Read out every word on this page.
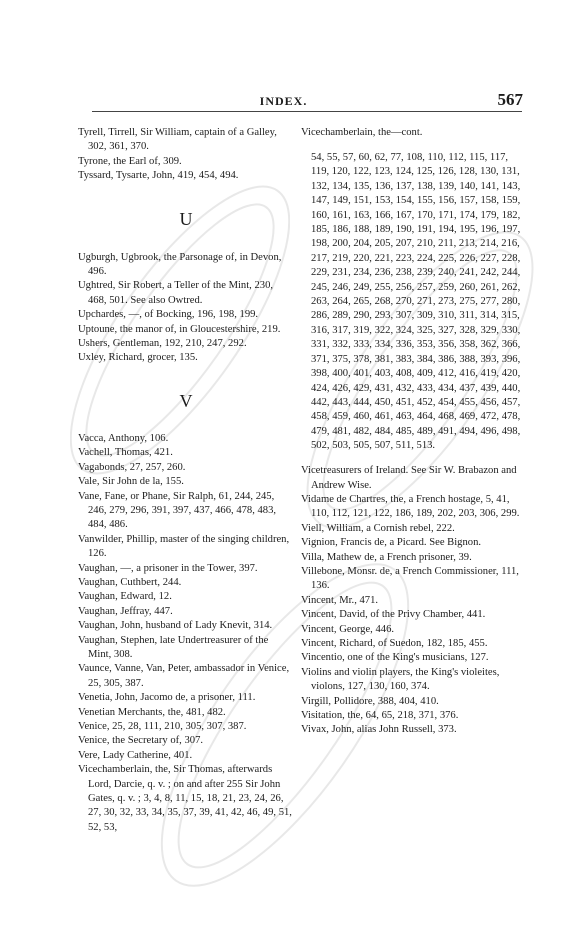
INDEX.	567

Tyrell, Tirrell, Sir William, captain of a Galley, 302, 361, 370.

Tyrone, the Earl of, 309.

Tyssard, Tysarte, John, 419, 454, 494.

U

Ugburgh, Ugbrook, the Parsonage of, in Devon, 496.

Ughtred, Sir Robert, a Teller of the Mint, 230, 468, 501. See also Owtred.

Upchardes, —, of Bocking, 196, 198, 199.

Uptoune, the manor of, in Gloucestershire, 219.

Ushers, Gentleman, 192, 210, 247, 292.

Uxley, Richard, grocer, 135.

V

Vacca, Anthony, 106.

Vachell, Thomas, 421.

Vagabonds, 27, 257, 260.

Vale, Sir John de la, 155.

Vane, Fane, or Phane, Sir Ralph, 61, 244, 245, 246, 279, 296, 391, 397, 437, 466, 478, 483, 484, 486.

Vanwilder, Phillip, master of the singing children, 126.

Vaughan, —, a prisoner in the Tower, 397.

Vaughan, Cuthbert, 244.

Vaughan, Edward, 12.

Vaughan, Jeffray, 447.

Vaughan, John, husband of Lady Knevit, 314.

Vaughan, Stephen, late Undertreasurer of the Mint, 308.

Vaunce, Vanne, Van, Peter, ambassador in Venice, 25, 305, 387.

Venetia, John, Jacomo de, a prisoner, 111.

Venetian Merchants, the, 481, 482.

Venice, 25, 28, 111, 210, 305, 307, 387.

Venice, the Secretary of, 307.

Vere, Lady Catherine, 401.

Vicechamberlain, the, Sir Thomas, afterwards Lord, Darcie, q. v. ; on and after 255 Sir John Gates, q. v. ; 3, 4, 8, 11, 15, 18, 21, 23, 24, 26, 27, 30, 32, 33, 34, 35, 37, 39, 41, 42, 46, 49, 51, 52, 53,

Vicechamberlain, the—cont.

54, 55, 57, 60, 62, 77, 108, 110, 112, 115, 117, 119, 120, 122, 123, 124, 125, 126, 128, 130, 131, 132, 134, 135, 136, 137, 138, 139, 140, 141, 143, 147, 149, 151, 153, 154, 155, 156, 157, 158, 159, 160, 161, 163, 166, 167, 170, 171, 174, 179, 182, 185, 186, 188, 189, 190, 191, 194, 195, 196, 197, 198, 200, 204, 205, 207, 210, 211, 213, 214, 216, 217, 219, 220, 221, 223, 224, 225, 226, 227, 228, 229, 231, 234, 236, 238, 239, 240, 241, 242, 244, 245, 246, 249, 255, 256, 257, 259, 260, 261, 262, 263, 264, 265, 268, 270, 271, 273, 275, 277, 280, 286, 289, 290, 293, 307, 309, 310, 311, 314, 315, 316, 317, 319, 322, 324, 325, 327, 328, 329, 330, 331, 332, 333, 334, 336, 353, 356, 358, 362, 366, 371, 375, 378, 381, 383, 384, 386, 388, 393, 396, 398, 400, 401, 403, 408, 409, 412, 416, 419, 420, 424, 426, 429, 431, 432, 433, 434, 437, 439, 440, 442, 443, 444, 450, 451, 452, 454, 455, 456, 457, 458, 459, 460, 461, 463, 464, 468, 469, 472, 478, 479, 481, 482, 484, 485, 489, 491, 494, 496, 498, 502, 503, 505, 507, 511, 513.

Vicetreasurers of Ireland. See Sir W. Brabazon and Andrew Wise.

Vidame de Chartres, the, a French hostage, 5, 41, 110, 112, 121, 122, 186, 189, 202, 203, 306, 299.

Viell, William, a Cornish rebel, 222.

Vignion, Francis de, a Picard. See Bignon.

Villa, Mathew de, a French prisoner, 39.

Villebone, Monsr. de, a French Commissioner, 111, 136.

Vincent, Mr., 471.

Vincent, David, of the Privy Chamber, 441.

Vincent, George, 446.

Vincent, Richard, of Suedon, 182, 185, 455.

Vincentio, one of the King's musicians, 127.

Violins and violin players, the King's violeites, violons, 127, 130, 160, 374.

Virgill, Pollidore, 388, 404, 410.

Visitation, the, 64, 65, 218, 371, 376.

Vivax, John, alias John Russell, 373.
